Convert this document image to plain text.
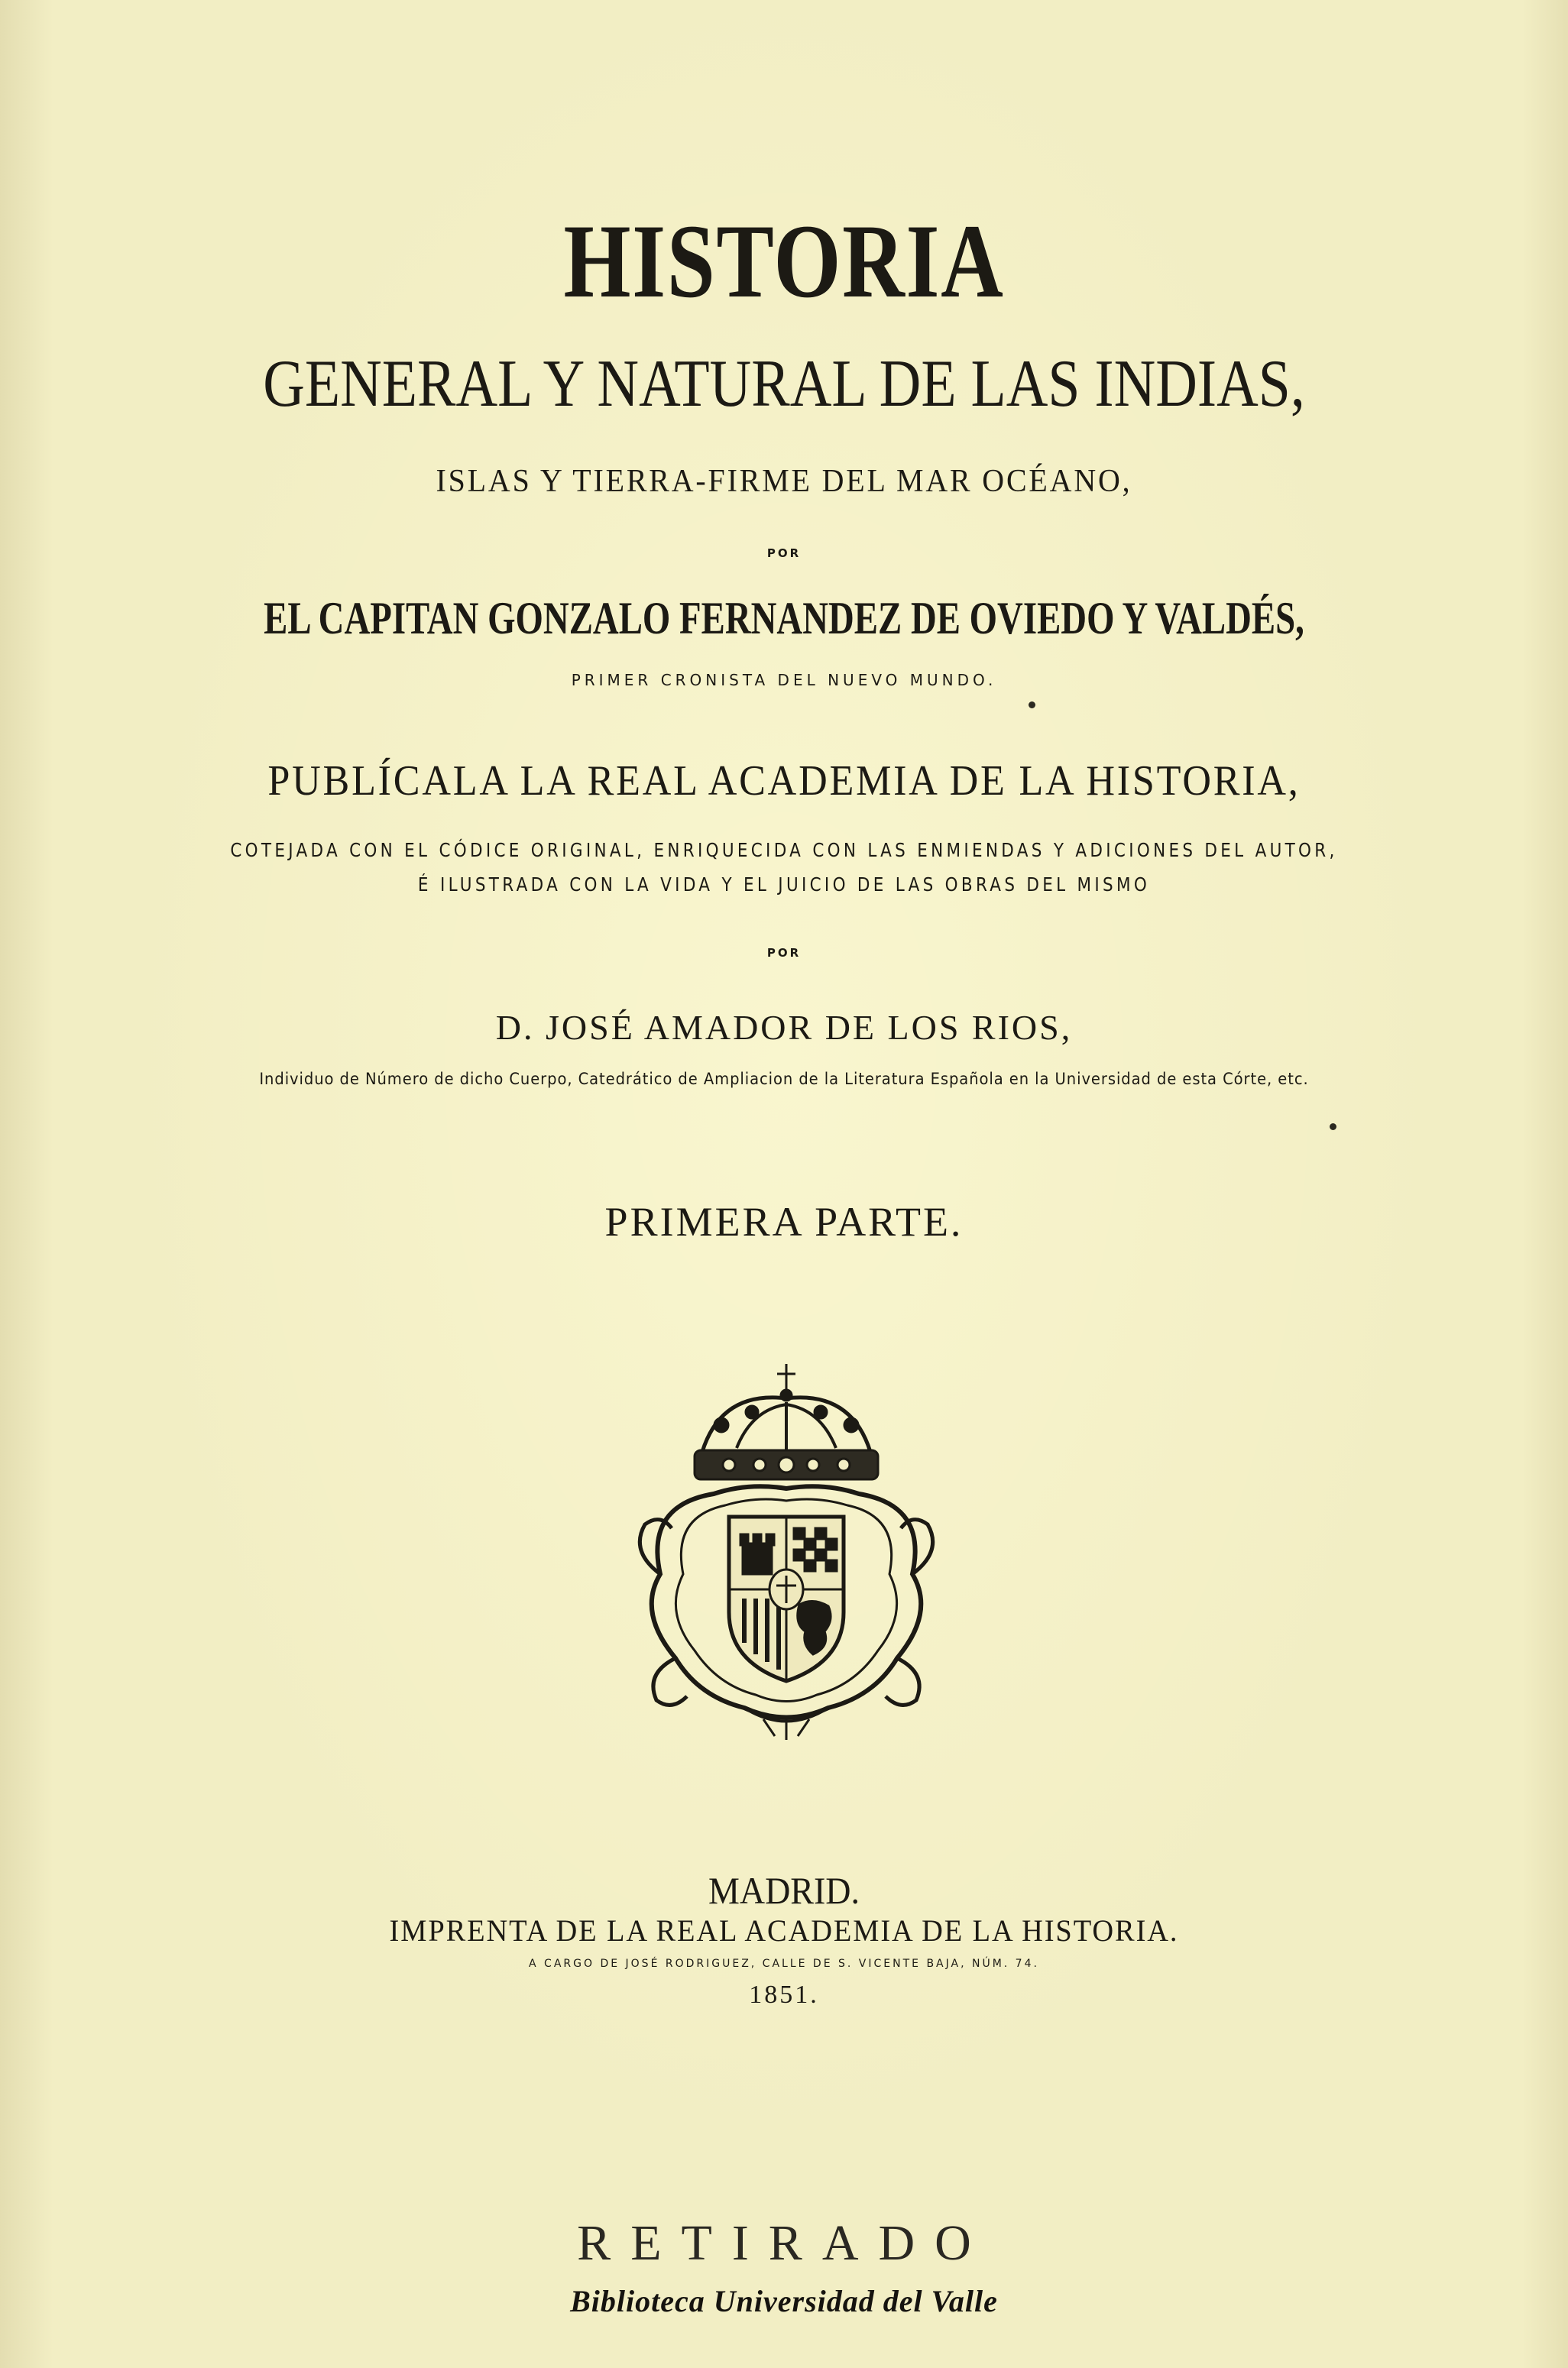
HISTORIA
GENERAL Y NATURAL DE LAS INDIAS,
ISLAS Y TIERRA-FIRME DEL MAR OCÉANO,
POR
EL CAPITAN GONZALO FERNANDEZ DE OVIEDO Y VALDÉS,
PRIMER CRONISTA DEL NUEVO MUNDO.
PUBLÍCALA LA REAL ACADEMIA DE LA HISTORIA,
COTEJADA CON EL CÓDICE ORIGINAL, ENRIQUECIDA CON LAS ENMIENDAS Y ADICIONES DEL AUTOR,
É ILUSTRADA CON LA VIDA Y EL JUICIO DE LAS OBRAS DEL MISMO
POR
D. JOSÉ AMADOR DE LOS RIOS,
Individuo de Número de dicho Cuerpo, Catedrático de Ampliacion de la Literatura Española en la Universidad de esta Córte, etc.
PRIMERA PARTE.
MADRID.
IMPRENTA DE LA REAL ACADEMIA DE LA HISTORIA.
A CARGO DE JOSÉ RODRIGUEZ, CALLE DE S. VICENTE BAJA, NÚM. 74.
1851.
RETIRADO
Biblioteca Universidad del Valle
